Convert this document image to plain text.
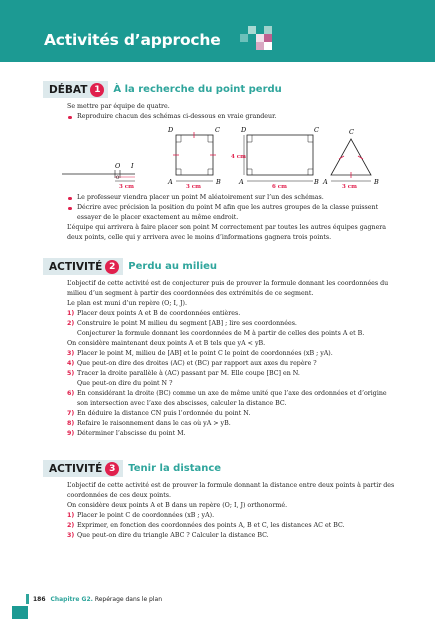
Activités d’approche
DÉBAT 1	À la recherche du point perdu

Se mettre par équipe de quatre.

Reproduire chacun des schémas ci-dessous en vraie grandeur.

O I
0
3 cm
D	C
A	B
3 cm
D	C
A	B
6 cm
4 cm
C
A	B
3 cm

Le professeur viendra placer un point M aléatoirement sur l’un des schémas.

Décrire avec précision la position du point M afin que les autres groupes de la classe puissent essayer de le placer exactement au même endroit.

L’équipe qui arrivera à faire placer son point M correctement par toutes les autres équipes gagnera deux points, celle qui y arrivera avec le moins d’informations gagnera trois points.

ACTIVITÉ 2	Perdu au milieu

L’objectif de cette activité est de conjecturer puis de prouver la formule donnant les coordonnées du milieu d’un segment à partir des coordonnées des extrémités de ce segment.

Le plan est muni d’un repère (O; I, J).

1) Placer deux points A et B de coordonnées entières.
2) Construire le point M milieu du segment [AB] ; lire ses coordonnées.

Conjecturer la formule donnant les coordonnées de M à partir de celles des points A et B.

On considère maintenant deux points A et B tels que yA < yB.

3) Placer le point M, milieu de [AB] et le point C le point de coordonnées (xB ; yA).
4) Que peut-on dire des droites (AC) et (BC) par rapport aux axes du repère ?
5) Tracer la droite parallèle à (AC) passant par M. Elle coupe [BC] en N.

Que peut-on dire du point N ?

6) En considérant la droite (BC) comme un axe de même unité que l’axe des ordonnées et d’origine son intersection avec l’axe des abscisses, calculer la distance BC.
7) En déduire la distance CN puis l’ordonnée du point N.
8) Refaire le raisonnement dans le cas où yA > yB.
9) Déterminer l’abscisse du point M.
ACTIVITÉ 3	Tenir la distance

L’objectif de cette activité est de prouver la formule donnant la distance entre deux points à partir des coordonnées de ces deux points.

On considère deux points A et B dans un repère (O; I, J) orthonormé.

1) Placer le point C de coordonnées (xB ; yA).
2) Exprimer, en fonction des coordonnées des points A, B et C, les distances AC et BC.
3) Que peut-on dire du triangle ABC ? Calculer la distance BC.
186 Chapitre G2. Repérage dans le plan
